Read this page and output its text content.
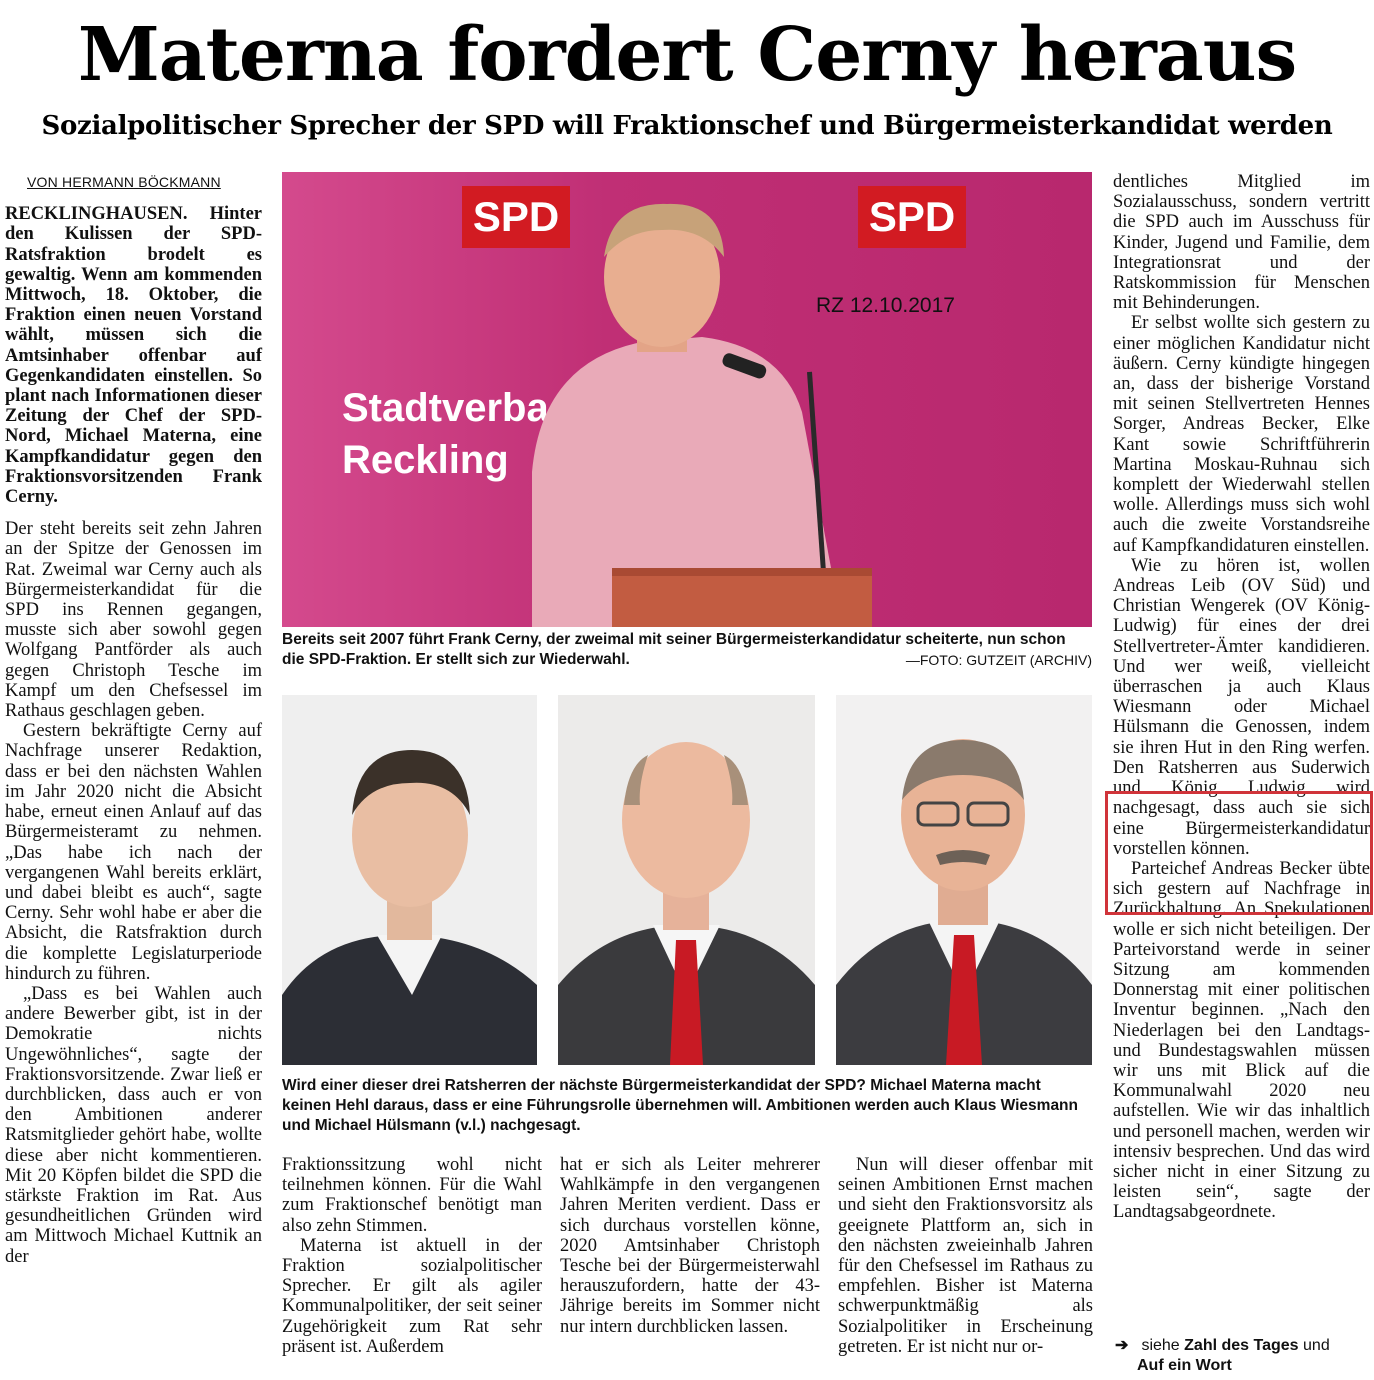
Materna fordert Cerny heraus
Sozialpolitischer Sprecher der SPD will Fraktionschef und Bürgermeisterkandidat werden
VON HERMANN BÖCKMANN

RECKLINGHAUSEN. Hinter den Kulissen der SPD-Ratsfraktion brodelt es gewaltig. Wenn am kommenden Mittwoch, 18. Oktober, die Fraktion einen neuen Vorstand wählt, müssen sich die Amtsinhaber offenbar auf Gegenkandidaten einstellen. So plant nach Informationen dieser Zeitung der Chef der SPD-Nord, Michael Materna, eine Kampfkandidatur gegen den Fraktionsvorsitzenden Frank Cerny.

Der steht bereits seit zehn Jahren an der Spitze der Genossen im Rat. Zweimal war Cerny auch als Bürgermeisterkandidat für die SPD ins Rennen gegangen, musste sich aber sowohl gegen Wolfgang Pantförder als auch gegen Christoph Tesche im Kampf um den Chefsessel im Rathaus geschlagen geben.

Gestern bekräftigte Cerny auf Nachfrage unserer Redaktion, dass er bei den nächsten Wahlen im Jahr 2020 nicht die Absicht habe, erneut einen Anlauf auf das Bürgermeisteramt zu nehmen. „Das habe ich nach der vergangenen Wahl bereits erklärt, und dabei bleibt es auch“, sagte Cerny. Sehr wohl habe er aber die Absicht, die Ratsfraktion durch die komplette Legislaturperiode hindurch zu führen.

„Dass es bei Wahlen auch andere Bewerber gibt, ist in der Demokratie nichts Ungewöhnliches“, sagte der Fraktionsvorsitzende. Zwar ließ er durchblicken, dass auch er von den Ambitionen anderer Ratsmitglieder gehört habe, wollte diese aber nicht kommentieren. Mit 20 Köpfen bildet die SPD die stärkste Fraktion im Rat. Aus gesundheitlichen Gründen wird am Mittwoch Michael Kuttnik an der

SPD	SPD
Stadtverba
Reckling
RZ 12.10.2017
Bereits seit 2007 führt Frank Cerny, der zweimal mit seiner Bürgermeisterkandidatur scheiterte, nun schon die SPD-Fraktion. Er stellt sich zur Wiederwahl.	—FOTO: GUTZEIT (ARCHIV)
Wird einer dieser drei Ratsherren der nächste Bürgermeisterkandidat der SPD? Michael Materna macht keinen Hehl daraus, dass er eine Führungsrolle übernehmen will. Ambitionen werden auch Klaus Wiesmann und Michael Hülsmann (v.l.) nachgesagt.

Fraktionssitzung wohl nicht teilnehmen können. Für die Wahl zum Fraktionschef benötigt man also zehn Stimmen.

Materna ist aktuell in der Fraktion sozialpolitischer Sprecher. Er gilt als agiler Kommunalpolitiker, der seit seiner Zugehörigkeit zum Rat sehr präsent ist. Außerdem

hat er sich als Leiter mehrerer Wahlkämpfe in den vergangenen Jahren Meriten verdient. Dass er sich durchaus vorstellen könne, 2020 Amtsinhaber Christoph Tesche bei der Bürgermeisterwahl herauszufordern, hatte der 43-Jährige bereits im Sommer nicht nur intern durchblicken lassen.

Nun will dieser offenbar mit seinen Ambitionen Ernst machen und sieht den Fraktionsvorsitz als geeignete Plattform an, sich in den nächsten zweieinhalb Jahren für den Chefsessel im Rathaus zu empfehlen. Bisher ist Materna schwerpunktmäßig als Sozialpolitiker in Erscheinung getreten. Er ist nicht nur or-

dentliches Mitglied im Sozialausschuss, sondern vertritt die SPD auch im Ausschuss für Kinder, Jugend und Familie, dem Integrationsrat und der Ratskommission für Menschen mit Behinderungen.

Er selbst wollte sich gestern zu einer möglichen Kandidatur nicht äußern. Cerny kündigte hingegen an, dass der bisherige Vorstand mit seinen Stellvertreten Hennes Sorger, Andreas Becker, Elke Kant sowie Schriftführerin Martina Moskau-Ruhnau sich komplett der Wiederwahl stellen wolle. Allerdings muss sich wohl auch die zweite Vorstandsreihe auf Kampfkandidaturen einstellen.

Wie zu hören ist, wollen Andreas Leib (OV Süd) und Christian Wengerek (OV König-Ludwig) für eines der drei Stellvertreter-Ämter kandidieren. Und wer weiß, vielleicht überraschen ja auch Klaus Wiesmann oder Michael Hülsmann die Genossen, indem sie ihren Hut in den Ring werfen. Den Ratsherren aus Suderwich und König Ludwig wird nachgesagt, dass auch sie sich eine Bürgermeisterkandidatur vorstellen können.

Parteichef Andreas Becker übte sich gestern auf Nachfrage in Zurückhaltung. An Spekulationen wolle er sich nicht beteiligen. Der Parteivorstand werde in seiner Sitzung am kommenden Donnerstag mit einer politischen Inventur beginnen. „Nach den Niederlagen bei den Landtags- und Bundestagswahlen müssen wir uns mit Blick auf die Kommunalwahl 2020 neu aufstellen. Wie wir das inhaltlich und personell machen, werden wir intensiv besprechen. Und das wird sicher nicht in einer Sitzung zu leisten sein“, sagte der Landtagsabgeordnete.

➔ siehe Zahl des Tages und
Auf ein Wort
